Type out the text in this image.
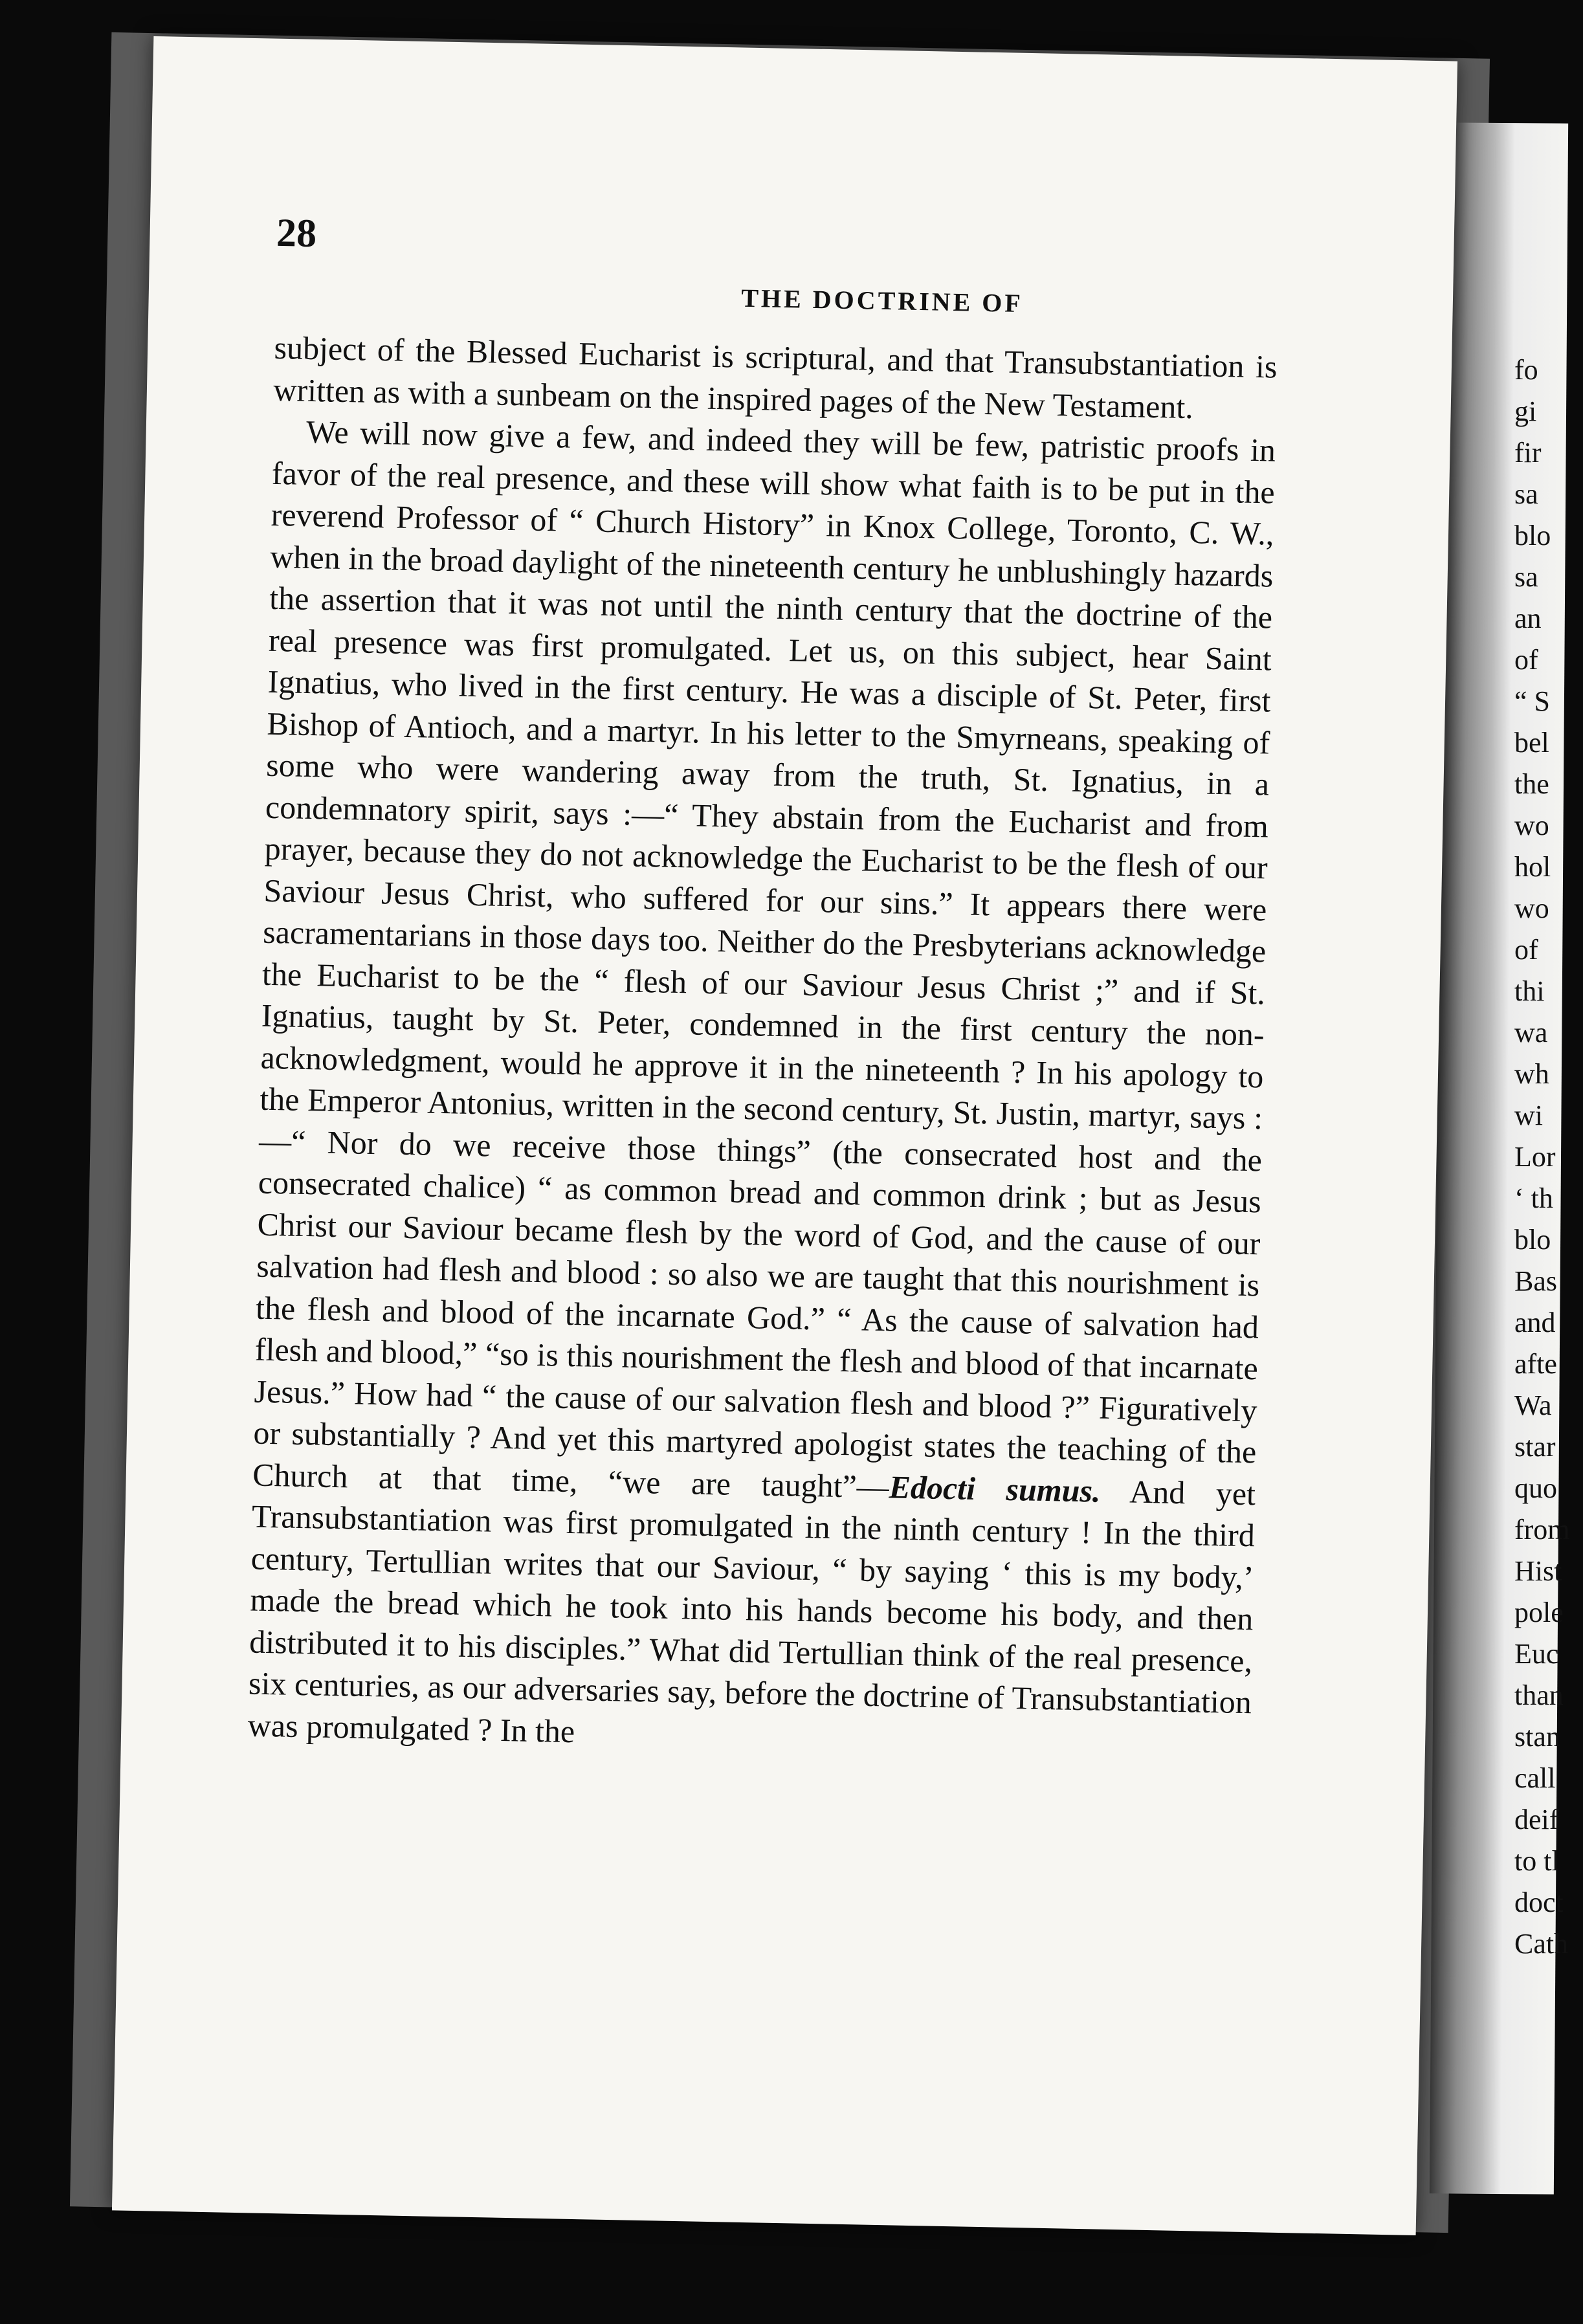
fo
gi
fir
sa
blo
sa
an
of
“ S
bel
the
wo
hol
wo
of
thi
wa
wh
wi
Lor
‘ th
blo
Bas
and
afte
Wa
star
quo
from
Hist
pole
Euc
than
stan
call
deif
to tl
doct
Cath
28
THE DOCTRINE OF

subject of the Blessed Eucharist is scriptural, and that Transubstantiation is written as with a sunbeam on the inspired pages of the New Testament.

We will now give a few, and indeed they will be few, patristic proofs in favor of the real presence, and these will show what faith is to be put in the reverend Professor of “ Church History” in Knox College, Toronto, C. W., when in the broad daylight of the nineteenth century he unblushingly hazards the assertion that it was not until the ninth century that the doctrine of the real presence was first promulgated. Let us, on this subject, hear Saint Ignatius, who lived in the first century. He was a disciple of St. Peter, first Bishop of Antioch, and a martyr. In his letter to the Smyrneans, speaking of some who were wandering away from the truth, St. Ignatius, in a condemnatory spirit, says :—“ They abstain from the Eucharist and from prayer, because they do not acknowledge the Eucharist to be the flesh of our Saviour Jesus Christ, who suffered for our sins.” It appears there were sacramentarians in those days too. Neither do the Presbyterians acknowledge the Eucharist to be the “ flesh of our Saviour Jesus Christ ;” and if St. Ignatius, taught by St. Peter, condemned in the first century the non-acknowledgment, would he approve it in the nineteenth ? In his apology to the Emperor Antonius, written in the second century, St. Justin, martyr, says :—“ Nor do we receive those things” (the consecrated host and the consecrated chalice) “ as common bread and common drink ; but as Jesus Christ our Saviour became flesh by the word of God, and the cause of our salvation had flesh and blood : so also we are taught that this nourishment is the flesh and blood of the incarnate God.” “ As the cause of salvation had flesh and blood,” “so is this nourishment the flesh and blood of that incarnate Jesus.” How had “ the cause of our salvation flesh and blood ?” Figuratively or substantially ? And yet this martyred apologist states the teaching of the Church at that time, “we are taught”—Edocti sumus. And yet Transubstantiation was first promulgated in the ninth century ! In the third century, Tertullian writes that our Saviour, “ by saying ‘ this is my body,’ made the bread which he took into his hands become his body, and then distributed it to his disciples.” What did Tertullian think of the real presence, six centuries, as our adversaries say, before the doctrine of Transubstantiation was promulgated ? In the
